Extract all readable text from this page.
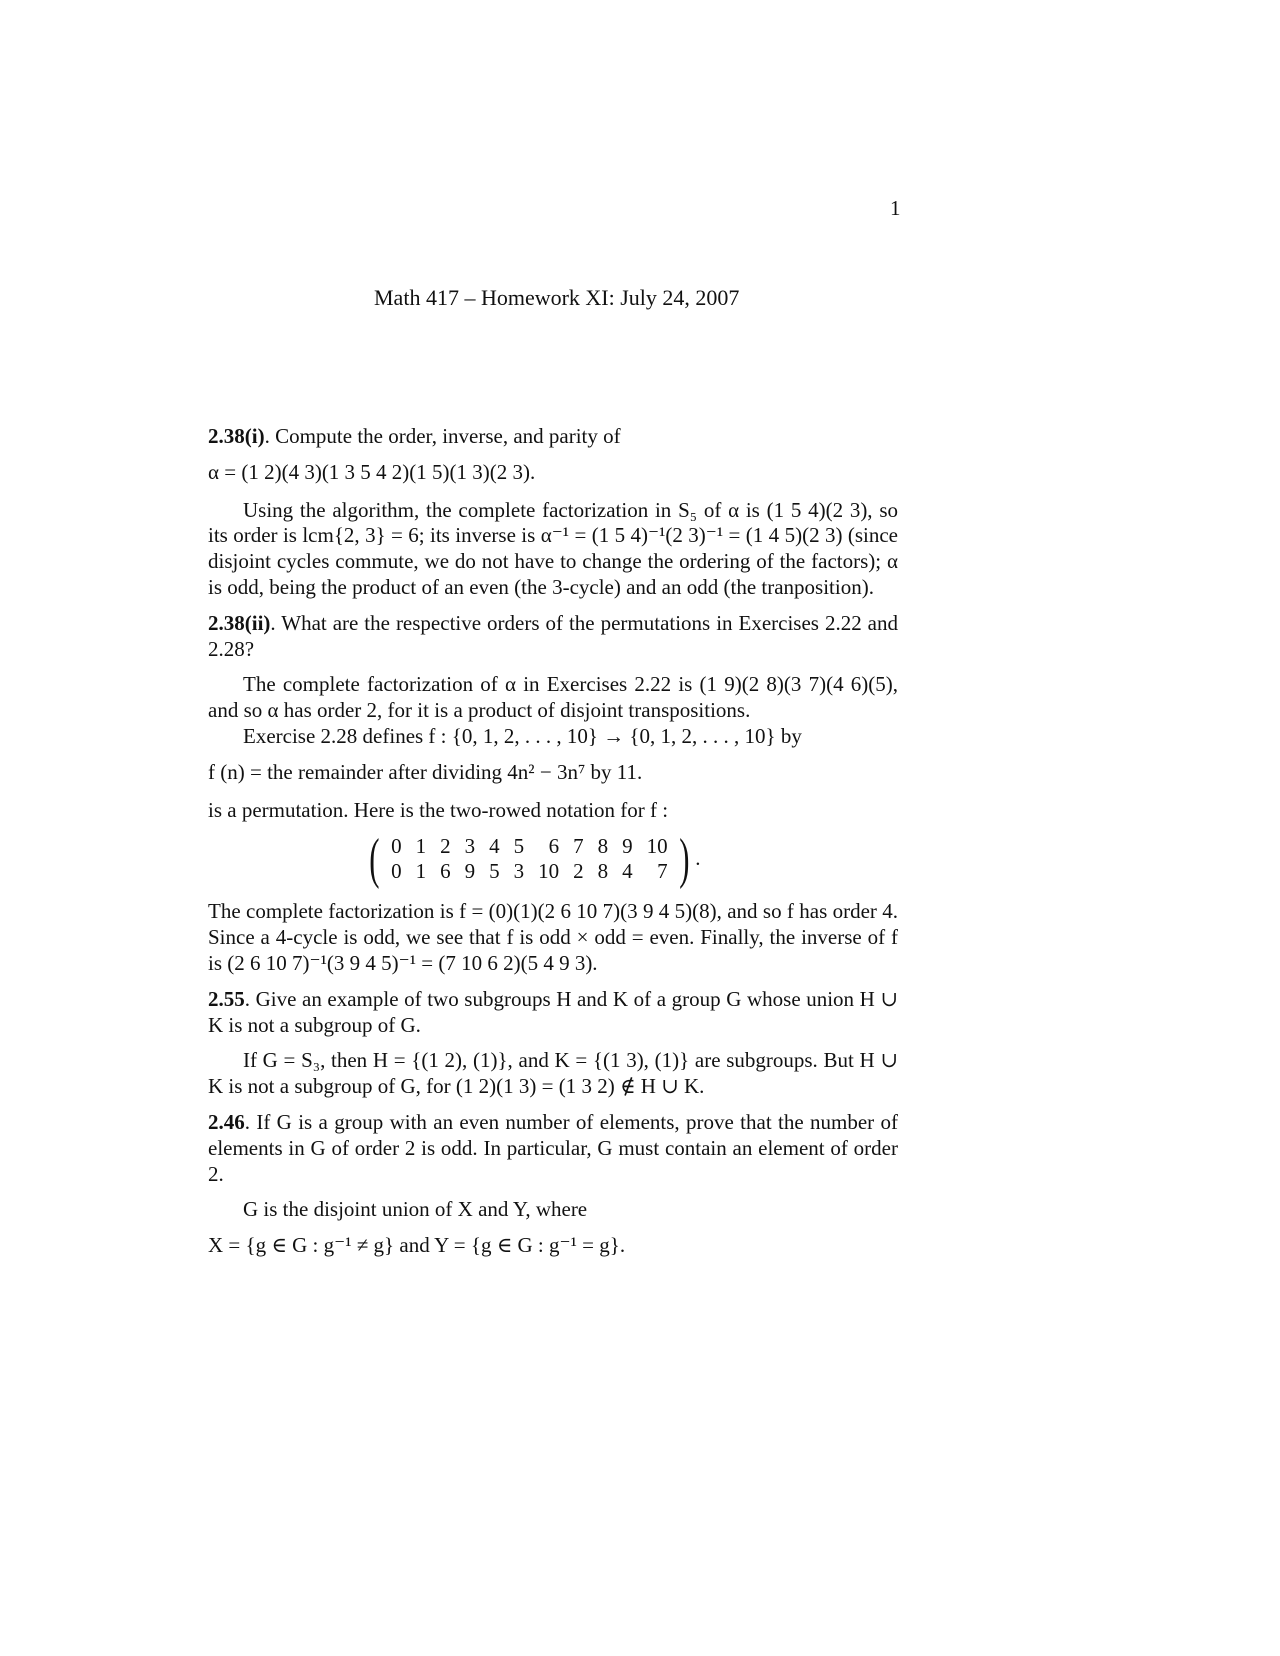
1
Math 417 – Homework XI: July 24, 2007

2.38(i). Compute the order, inverse, and parity of

α = (1 2)(4 3)(1 3 5 4 2)(1 5)(1 3)(2 3).

Using the algorithm, the complete factorization in S₅ of α is (1 5 4)(2 3), so its order is lcm{2, 3} = 6; its inverse is α⁻¹ = (1 5 4)⁻¹(2 3)⁻¹ = (1 4 5)(2 3) (since disjoint cycles commute, we do not have to change the ordering of the factors); α is odd, being the product of an even (the 3-cycle) and an odd (the tranposition).

2.38(ii). What are the respective orders of the permutations in Exercises 2.22 and 2.28?

The complete factorization of α in Exercises 2.22 is (1 9)(2 8)(3 7)(4 6)(5), and so α has order 2, for it is a product of disjoint transpositions.

Exercise 2.28 defines f : {0, 1, 2, . . . , 10} → {0, 1, 2, . . . , 10} by

f (n) = the remainder after dividing 4n² − 3n⁷ by 11.

is a permutation. Here is the two-rowed notation for f :

( 0	1	2	3	4	5	6	7	8	9	10
0	1	6	9	5	3	10	2	8	4	7 ) .

The complete factorization is f = (0)(1)(2 6 10 7)(3 9 4 5)(8), and so f has order 4. Since a 4-cycle is odd, we see that f is odd × odd = even. Finally, the inverse of f is (2 6 10 7)⁻¹(3 9 4 5)⁻¹ = (7 10 6 2)(5 4 9 3).

2.55. Give an example of two subgroups H and K of a group G whose union H ∪ K is not a subgroup of G.

If G = S₃, then H = {(1 2), (1)}, and K = {(1 3), (1)} are subgroups. But H ∪ K is not a subgroup of G, for (1 2)(1 3) = (1 3 2) ∉ H ∪ K.

2.46. If G is a group with an even number of elements, prove that the number of elements in G of order 2 is odd. In particular, G must contain an element of order 2.

G is the disjoint union of X and Y, where

X = {g ∈ G : g⁻¹ ≠ g} and Y = {g ∈ G : g⁻¹ = g}.
